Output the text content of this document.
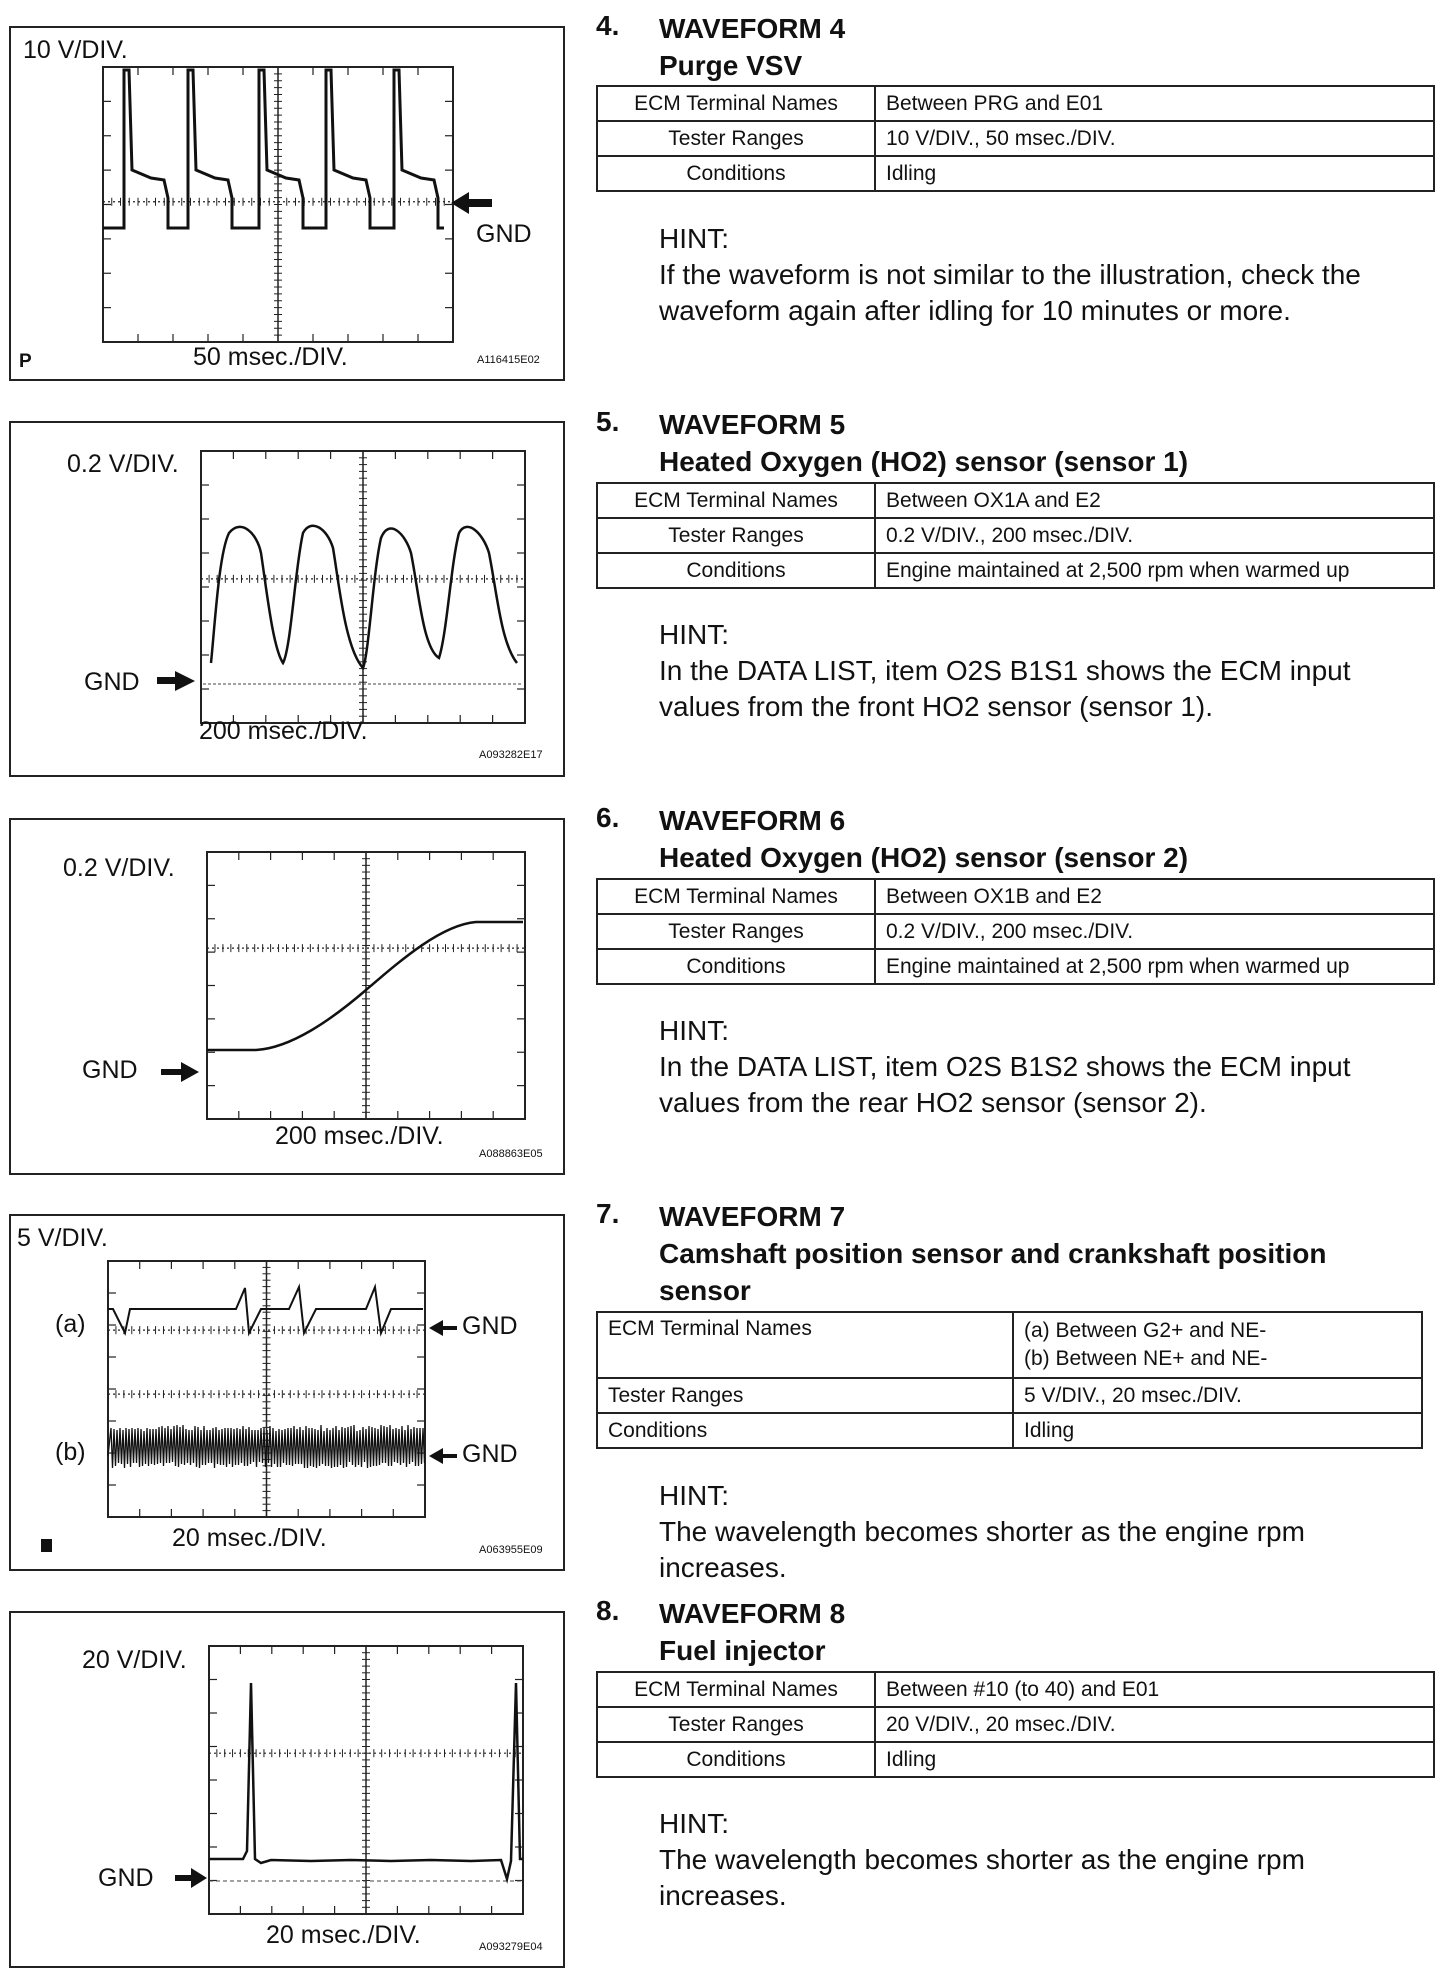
10 V/DIV.
GND
50 msec./DIV.
P	A116415E02
0.2 V/DIV.
GND
200 msec./DIV.
A093282E17
0.2 V/DIV.
GND
200 msec./DIV.
A088863E05
5 V/DIV.
(a)
(b)
GND
GND
20 msec./DIV.	A063955E09
20 V/DIV.
GND
20 msec./DIV.	A093279E04
4. WAVEFORM 4
Purge VSV
ECM Terminal Names	Between PRG and E01
Tester Ranges	10 V/DIV., 50 msec./DIV.
Conditions	Idling
HINT:
If the waveform is not similar to the illustration, check the waveform again after idling for 10 minutes or more.
5. WAVEFORM 5
Heated Oxygen (HO2) sensor (sensor 1)
ECM Terminal Names	Between OX1A and E2
Tester Ranges	0.2 V/DIV., 200 msec./DIV.
Conditions	Engine maintained at 2,500 rpm when warmed up
HINT:
In the DATA LIST, item O2S B1S1 shows the ECM input values from the front HO2 sensor (sensor 1).
6. WAVEFORM 6
Heated Oxygen (HO2) sensor (sensor 2)
ECM Terminal Names	Between OX1B and E2
Tester Ranges	0.2 V/DIV., 200 msec./DIV.
Conditions	Engine maintained at 2,500 rpm when warmed up
HINT:
In the DATA LIST, item O2S B1S2 shows the ECM input values from the rear HO2 sensor (sensor 2).
7. WAVEFORM 7
Camshaft position sensor and crankshaft position sensor
ECM Terminal Names	(a) Between G2+ and NE-
(b) Between NE+ and NE-

Tester Ranges	5 V/DIV., 20 msec./DIV.
Conditions	Idling
HINT:
The wavelength becomes shorter as the engine rpm increases.
8. WAVEFORM 8
Fuel injector
ECM Terminal Names	Between #10 (to 40) and E01
Tester Ranges	20 V/DIV., 20 msec./DIV.
Conditions	Idling
HINT:
The wavelength becomes shorter as the engine rpm increases.
